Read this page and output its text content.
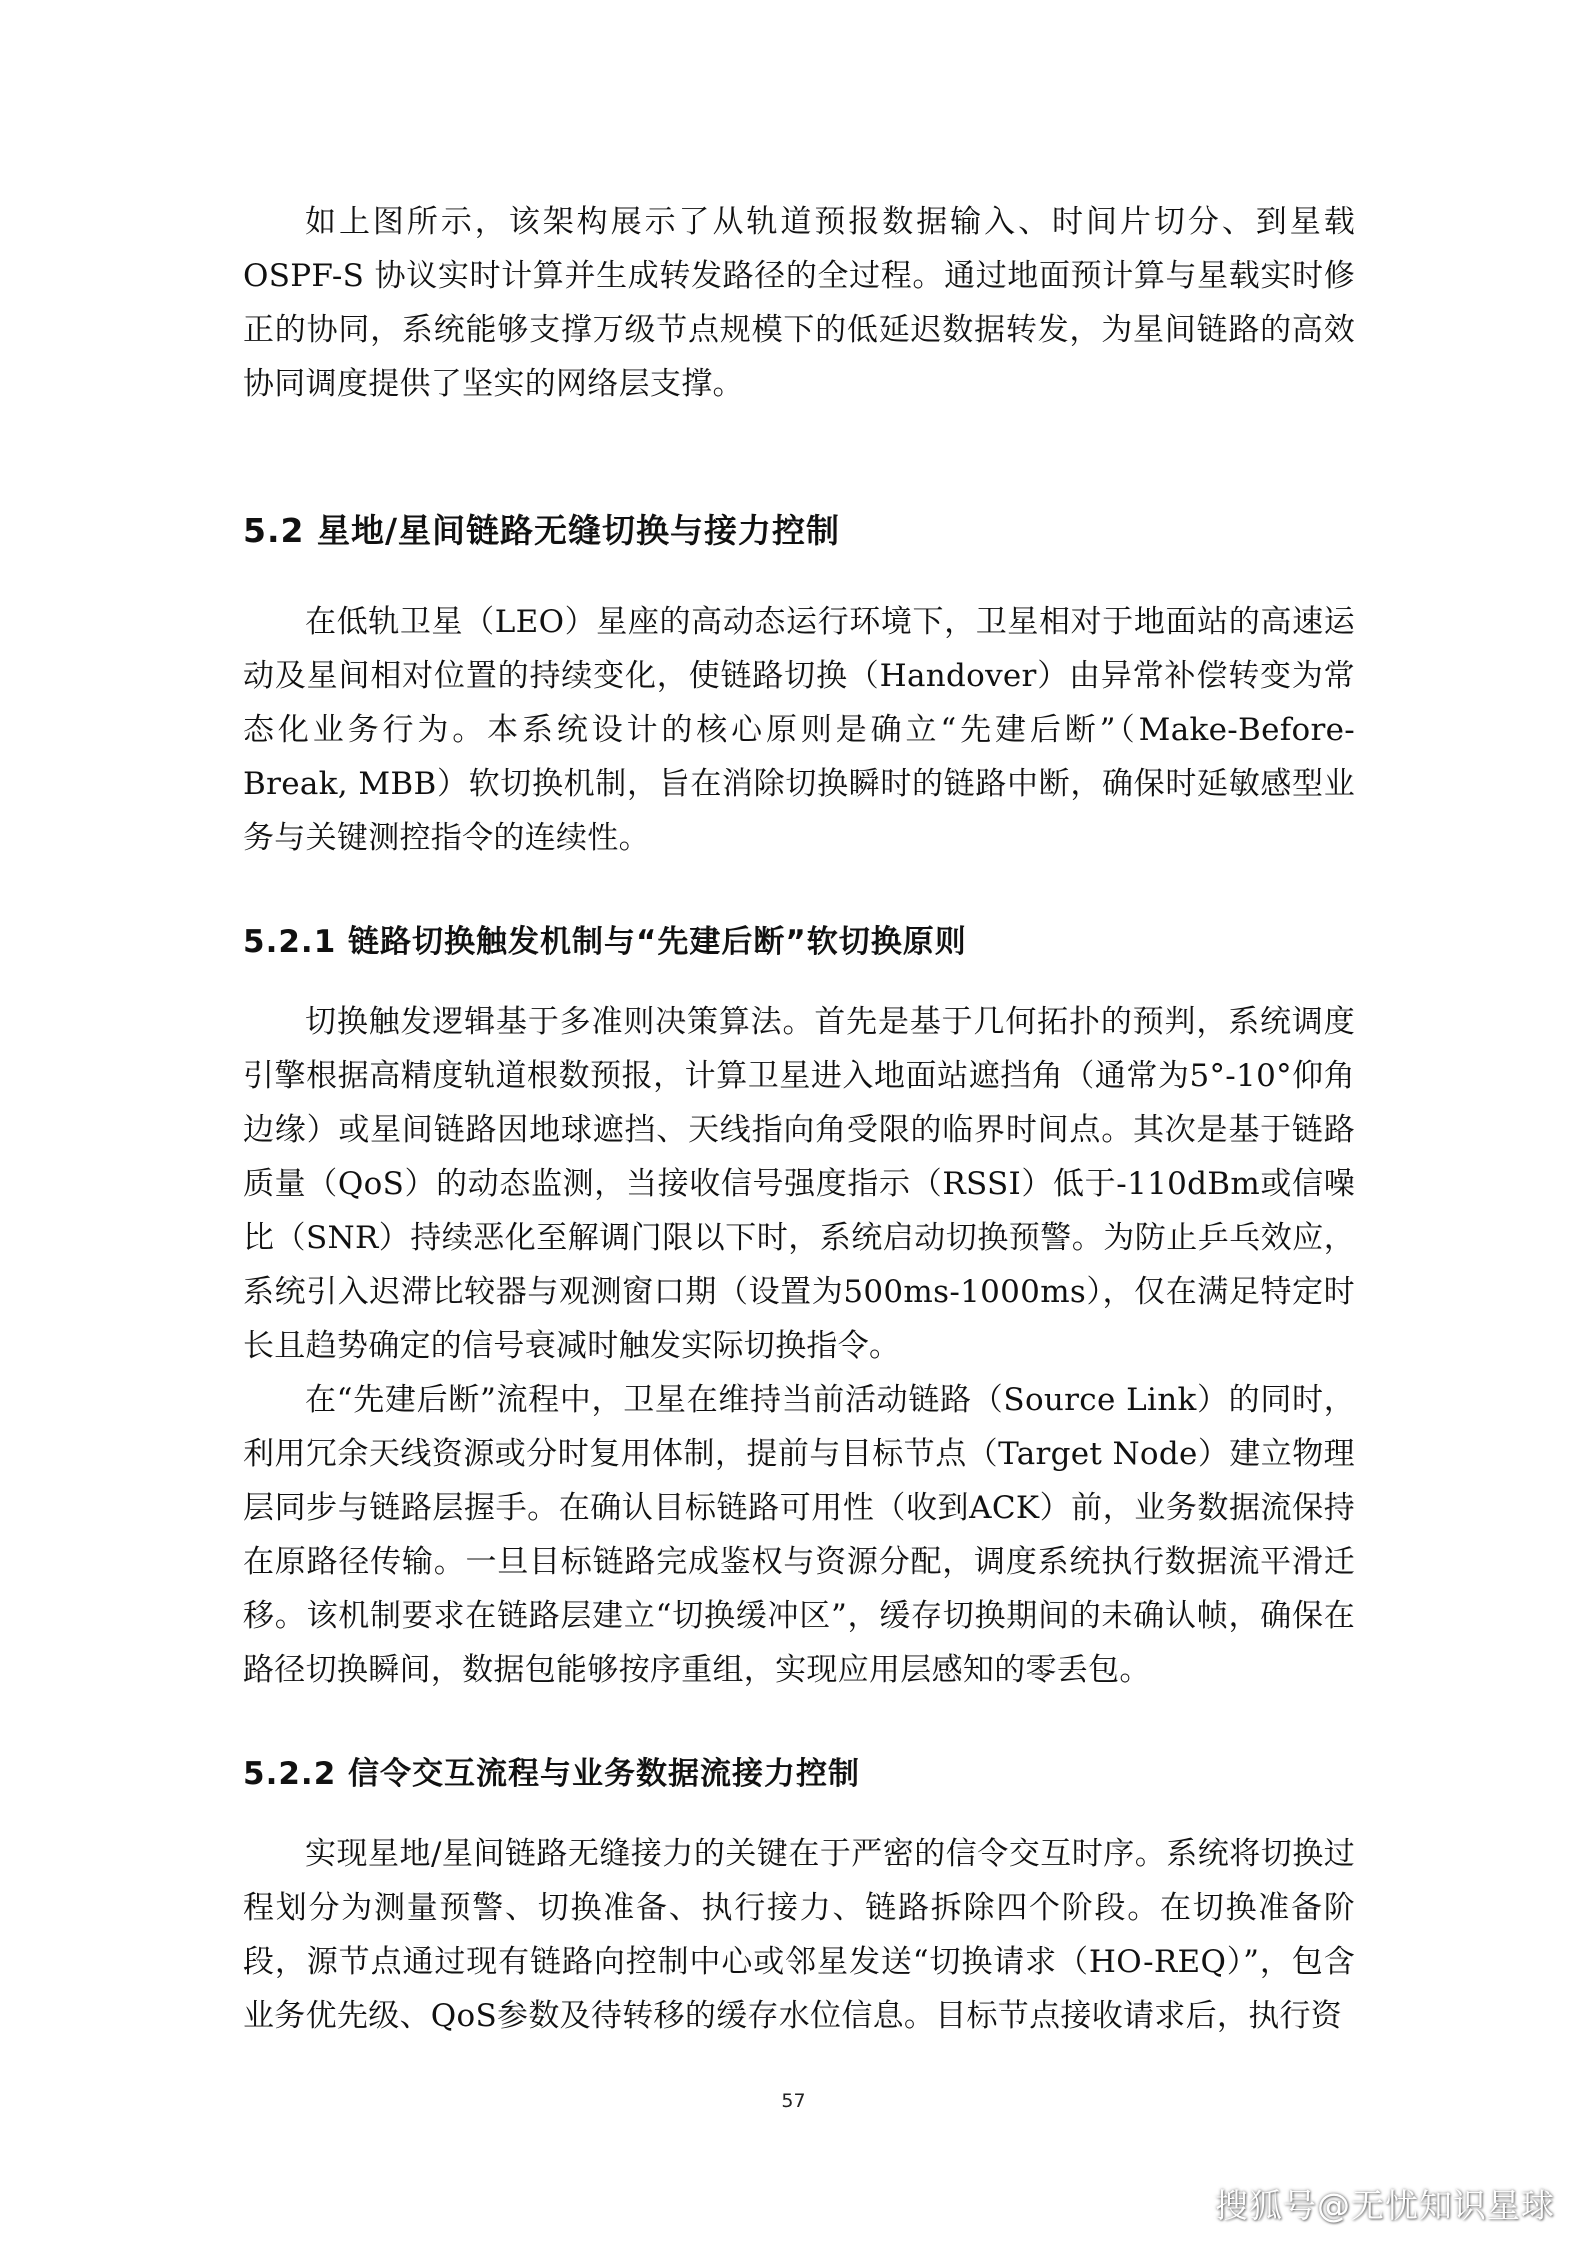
如上图所示，该架构展示了从轨道预报数据输入、时间片切分、到星载OSPF-S 协议实时计算并生成转发路径的全过程。通过地面预计算与星载实时修正的协同，系统能够支撑万级节点规模下的低延迟数据转发，为星间链路的高效协同调度提供了坚实的网络层支撑。

5.2 星地/星间链路无缝切换与接力控制

在低轨卫星（LEO）星座的高动态运行环境下，卫星相对于地面站的高速运动及星间相对位置的持续变化，使链路切换（Handover）由异常补偿转变为常态化业务行为。本系统设计的核心原则是确立“先建后断”（Make-Before-Break, MBB）软切换机制，旨在消除切换瞬时的链路中断，确保时延敏感型业务与关键测控指令的连续性。

5.2.1 链路切换触发机制与“先建后断”软切换原则

切换触发逻辑基于多准则决策算法。首先是基于几何拓扑的预判，系统调度引擎根据高精度轨道根数预报，计算卫星进入地面站遮挡角（通常为5°-10°仰角边缘）或星间链路因地球遮挡、天线指向角受限的临界时间点。其次是基于链路质量（QoS）的动态监测，当接收信号强度指示（RSSI）低于-110dBm或信噪比（SNR）持续恶化至解调门限以下时，系统启动切换预警。为防止乒乓效应，系统引入迟滞比较器与观测窗口期（设置为500ms-1000ms），仅在满足特定时长且趋势确定的信号衰减时触发实际切换指令。

在“先建后断”流程中，卫星在维持当前活动链路（Source Link）的同时，利用冗余天线资源或分时复用体制，提前与目标节点（Target Node）建立物理层同步与链路层握手。在确认目标链路可用性（收到ACK）前，业务数据流保持在原路径传输。一旦目标链路完成鉴权与资源分配，调度系统执行数据流平滑迁移。该机制要求在链路层建立“切换缓冲区”，缓存切换期间的未确认帧，确保在路径切换瞬间，数据包能够按序重组，实现应用层感知的零丢包。

5.2.2 信令交互流程与业务数据流接力控制

实现星地/星间链路无缝接力的关键在于严密的信令交互时序。系统将切换过程划分为测量预警、切换准备、执行接力、链路拆除四个阶段。在切换准备阶段，源节点通过现有链路向控制中心或邻星发送“切换请求（HO-REQ）”，包含业务优先级、QoS参数及待转移的缓存水位信息。目标节点接收请求后，执行资

57
搜狐号@无忧知识星球
